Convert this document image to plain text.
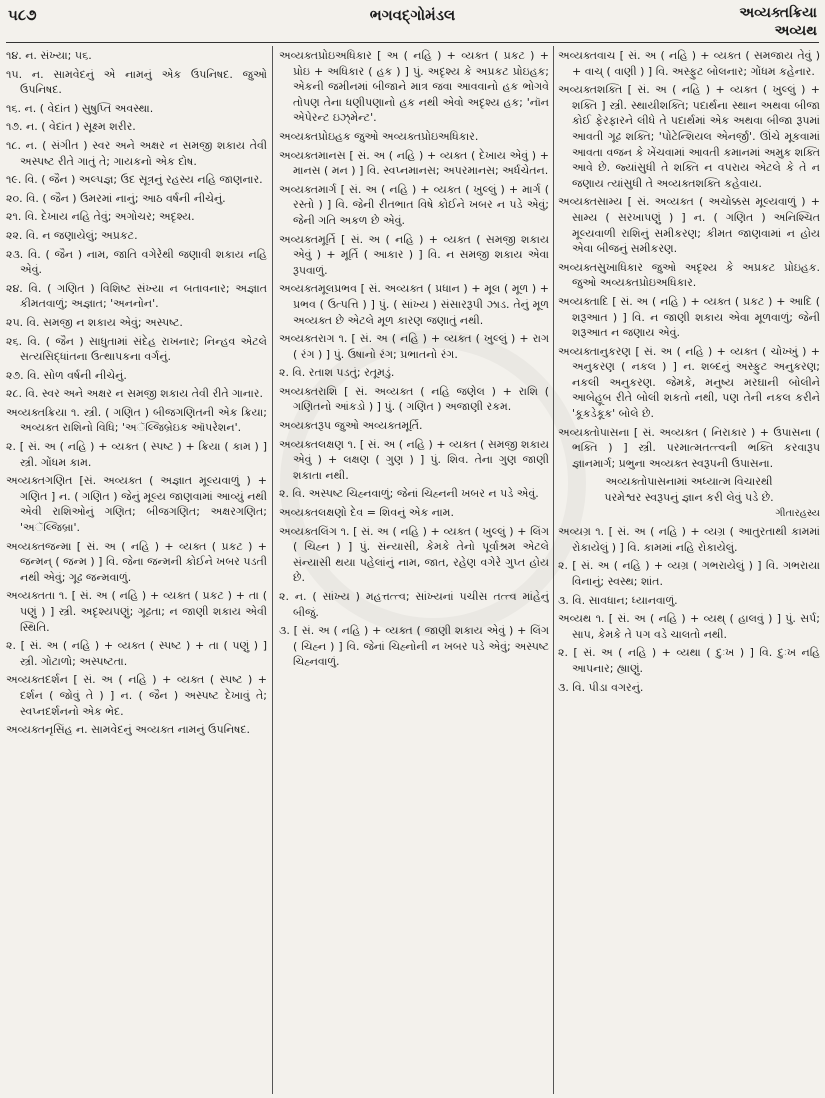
૫૮૭	ભગવદ્‌ગોમંડલ	અવ્યક્તક્રિયા
અવ્યથ

૧૪. ન. સંખ્યા; ૫૬.

૧૫. ન. સામવેદનું એ નામનું એક ઉપનિષદ. જુઓ ઉપનિષદ.

૧૬. ન. ( વેદાંત ) સુષુપ્તિ અવસ્થા.

૧૭. ન. ( વેદાંત ) સૂક્ષ્મ શરીર.

૧૮. ન. ( સંગીત ) સ્વર અને અક્ષર ન સમજી શકાય તેવી અસ્પષ્ટ રીતે ગાતું તે; ગાયકનો એક દોષ.

૧૯. વિ. ( જૈન ) અલ્પજ્ઞ; ઉદ સૂત્રનું રહસ્ય નહિ જાણનાર.

૨૦. વિ. ( જૈન ) ઉમરમાં નાનું; આઠ વર્ષની નીચેનું.

૨૧. વિ. દેખાય નહિ તેવું; અગોચર; અદૃશ્ય.

૨૨. વિ. ન જણાયેલું; અપ્રકટ.

૨૩. વિ. ( જૈન ) નામ, જાતિ વગેરેથી જણાવી શકાય નહિ એવું.

૨૪. વિ. ( ગણિત ) વિશિષ્ટ સંખ્યા ન બતાવનાર; અજ્ઞાત કીમતવાળું; અજ્ઞાત; 'અનનોન'.

૨૫. વિ. સમજી ન શકાય એવું; અસ્પષ્ટ.

૨૬. વિ. ( જૈન ) સાધુતામાં સંદેહ રાખનાર; નિન્હવ એટલે સત્યસિદ્ધાંતના ઉત્થાપકના વર્ગનું.

૨૭. વિ. સોળ વર્ષની નીચેનું.

૨૮. વિ. સ્વર અને અક્ષર ન સમજી શકાય તેવી રીતે ગાનાર.

અવ્યક્તક્રિયા ૧. સ્ત્રી. ( ગણિત ) બીજગણિતની એક ક્રિયા; અવ્યક્ત રાશિનો વિધિ; 'અૅલ્જિબ્રેઇક ઑપરેશન'.

૨. [ સં. અ ( નહિ ) + વ્યક્ત ( સ્પષ્ટ ) + ક્રિયા ( કામ ) ] સ્ત્રી. ગોંધમ કામ.

અવ્યક્તગણિત [સં. અવ્યક્ત ( અજ્ઞાત મૂલ્યવાળું ) + ગણિત ] ન. ( ગણિત ) જેનું મૂલ્ય જાણવામાં આવ્યું નથી એવી રાશિઓનું ગણિત; બીજગણિત; અક્ષરગણિત; 'અૅલ્જિબ્રા'.

અવ્યક્તજન્મા [ સં. અ ( નહિ ) + વ્યક્ત ( પ્રકટ ) + જન્મન્ ( જન્મ ) ] વિ. જેના જન્મની કોઈને ખબર પડતી નથી એવું; ગૂઢ જન્મવાળું.

અવ્યક્તતા ૧. [ સં. અ ( નહિ ) + વ્યક્ત ( પ્રકટ ) + તા ( પણું ) ] સ્ત્રી. અદૃશ્યપણું; ગૂઢતા; ન જાણી શકાય એવી સ્થિતિ.

૨. [ સં. અ ( નહિ ) + વ્યક્ત ( સ્પષ્ટ ) + તા ( પણું ) ] સ્ત્રી. ગોટાળો; અસ્પષ્ટતા.

અવ્યક્તદર્શન [ સં. અ ( નહિ ) + વ્યક્ત ( સ્પષ્ટ ) + દર્શન ( જોવું તે ) ] ન. ( જૈન ) અસ્પષ્ટ દેખાવું તે; સ્વપ્નદર્શનનો એક ભેદ.

અવ્યક્તનૃસિંહ ન. સામવેદનું અવ્યક્ત નામનું ઉપનિષદ.

અવ્યક્તપ્રોઇઅધિકાર [ અ ( નહિ ) + વ્યક્ત ( પ્રકટ ) + પ્રોઇ + અધિકાર ( હક ) ] પું. અદૃશ્ય કે અપ્રકટ પ્રોઇહક; એકની જમીનમાં બીજાને માત્ર જવા આવવાનો હક ભોગવે તોપણ તેના ધણીપણાનો હક નથી એવો અદૃશ્ય હક; 'નૉન એપેરન્ટ ઇઝ્‌મેન્ટ'.

અવ્યક્તપ્રોઇહક જુઓ અવ્યક્તપ્રોઇઅધિકાર.

અવ્યક્તમાનસ [ સં. અ ( નહિ ) + વ્યક્ત ( દેખાય એવું ) + માનસ ( મન ) ] વિ. સ્વપ્નમાનસ; અપરમાનસ; અર્ધચેતન.

અવ્યક્તમાર્ગ [ સં. અ ( નહિ ) + વ્યક્ત ( ખુલ્લું ) + માર્ગ ( રસ્તો ) ] વિ. જેની રીતભાત વિષે કોઈને ખબર ન પડે એવું; જેની ગતિ અકળ છે એવું.

અવ્યક્તમૂર્તિ [ સં. અ ( નહિ ) + વ્યક્ત ( સમજી શકાય એવું ) + મૂર્તિ ( આકાર ) ] વિ. ન સમજી શકાય એવા રૂપવાળું.

અવ્યક્તમૂલપ્રભવ [ સં. અવ્યક્ત ( પ્રધાન ) + મૂલ ( મૂળ ) + પ્રભવ ( ઉત્પત્તિ ) ] પું. ( સાંખ્ય ) સંસારરૂપી ઝાડ. તેનું મૂળ અવ્યક્ત છે એટલે મૂળ કારણ જણાતું નથી.

અવ્યક્તરાગ ૧. [ સં. અ ( નહિ ) + વ્યક્ત ( ખુલ્લું ) + રાગ ( રંગ ) ] પું. ઉષાનો રંગ; પ્રભાતનો રંગ.

૨. વિ. રતાશ પડતું; રતૂમડું.

અવ્યક્તરાશિ [ સં. અવ્યક્ત ( નહિ જણેલ ) + રાશિ ( ગણિતનો આંકડો ) ] પું. ( ગણિત ) અજાણી રકમ.

અવ્યક્તરૂપ જુઓ અવ્યક્તમૂર્તિ.

અવ્યક્તલક્ષણ ૧. [ સં. અ ( નહિ ) + વ્યક્ત ( સમજી શકાય એવું ) + લક્ષણ ( ગુણ ) ] પું. શિવ. તેના ગુણ જાણી શકાતા નથી.

૨. વિ. અસ્પષ્ટ ચિહ્નવાળું; જેનાં ચિહ્નની ખબર ન પડે એવું.

અવ્યક્તલક્ષણો દેવ = શિવનું એક નામ.

અવ્યક્તલિંગ ૧. [ સં. અ ( નહિ ) + વ્યક્ત ( ખુલ્લું ) + લિંગ ( ચિહ્ન ) ] પું. સંન્યાસી, કેમકે તેનો પૂર્વાશ્રમ એટલે સંન્યાસી થયા પહેલાંનું નામ, જાત, રહેણ વગેરે ગુપ્ત હોય છે.

૨. ન. ( સાંખ્ય ) મહત્તત્ત્વ; સાંખ્યનાં પચીસ તત્ત્વ માંહેનું બીજું.

૩. [ સં. અ ( નહિ ) + વ્યક્ત ( જાણી શકાય એવું ) + લિંગ ( ચિહ્ન ) ] વિ. જેનાં ચિહ્નોની ન ખબર પડે એવું; અસ્પષ્ટ ચિહ્નવાળું.

અવ્યક્તવાચ [ સં. અ ( નહિ ) + વ્યક્ત ( સમજાય તેવું ) + વાચ્ ( વાણી ) ] વિ. અસ્ફુટ બોલનાર; ગોંધમ કહેનાર.

અવ્યક્તશક્તિ [ સં. અ ( નહિ ) + વ્યક્ત ( ખુલ્લું ) + શક્તિ ] સ્ત્રી. સ્થાયીશક્તિ; પદાર્થના સ્થાન અથવા બીજા કોઈ ફેરફારને લીધે તે પદાર્થમાં એક અથવા બીજા રૂપમાં આવતી ગૂઢ શક્તિ; 'પોટેન્શિયલ એનર્જી'. ઊંચે મૂકવામાં આવતા વજન કે ખેંચવામાં આવતી કમાનમાં અમુક શક્તિ આવે છે. જ્યાંસુધી તે શક્તિ ન વપરાય એટલે કે તે ન જણાય ત્યાંસુધી તે અવ્યક્તશક્તિ કહેવાય.

અવ્યક્તસામ્ય [ સં. અવ્યક્ત ( અચોક્કસ મૂલ્યવાળું ) + સામ્ય ( સરખાપણું ) ] ન. ( ગણિત ) અનિશ્ચિત મૂલ્યવાળી રાશિનું સમીકરણ; કીમત જાણવામાં ન હોય એવા બીજનું સમીકરણ.

અવ્યક્તસુખાધિકાર જુઓ અદૃશ્ય કે અપ્રકટ પ્રોઇહક. જુઓ અવ્યક્તપ્રોઇઅધિકાર.

અવ્યક્તાદિ [ સં. અ ( નહિ ) + વ્યક્ત ( પ્રકટ ) + આદિ ( શરૂઆત ) ] વિ. ન જાણી શકાય એવા મૂળવાળું; જેની શરૂઆત ન જણાય એવું.

અવ્યક્તાનુકરણ [ સં. અ ( નહિ ) + વ્યક્ત ( ચોખ્ખું ) + અનુકરણ ( નકલ ) ] ન. શબ્દનું અસ્ફુટ અનુકરણ; નકલી અનુકરણ. જેમકે, મનુષ્ય મરઘાની બોલીને આબેહૂબ રીતે બોલી શકતો નથી, પણ તેની નકલ કરીને 'કૂકડેકૂક' બોલે છે.

અવ્યક્તોપાસના [ સં. અવ્યક્ત ( નિરાકાર ) + ઉપાસના ( ભક્તિ ) ] સ્ત્રી. પરમાત્મતત્ત્વની ભક્તિ કરવારૂપ જ્ઞાનમાર્ગ; પ્રભુના અવ્યક્ત સ્વરૂપની ઉપાસના.

અવ્યક્તોપાસનામાં અધ્યાત્મ વિચારથી

પરમેશ્વર સ્વરૂપનું જ્ઞાન કરી લેવું પડે છે.

ગીતારહસ્ય

અવ્યગ્ર ૧. [ સં. અ ( નહિ ) + વ્યગ્ર ( આતુરતાથી કામમાં રોકાયેલું ) ] વિ. કામમાં નહિ રોકાયેલું.

૨. [ સં. અ ( નહિ ) + વ્યગ્ર ( ગભરાયેલું ) ] વિ. ગભરાયા વિનાનું; સ્વસ્થ; શાંત.

૩. વિ. સાવધાન; ધ્યાનવાળું.

અવ્યથ ૧. [ સં. અ ( નહિ ) + વ્યથ્ ( હાલવું ) ] પું. સર્પ; સાપ, કેમકે તે પગ વડે ચાલતો નથી.

૨. [ સં. અ ( નહિ ) + વ્યથા ( દુઃખ ) ] વિ. દુઃખ નહિ આપનાર; હ્યાણું.

૩. વિ. પીડા વગરનું.
